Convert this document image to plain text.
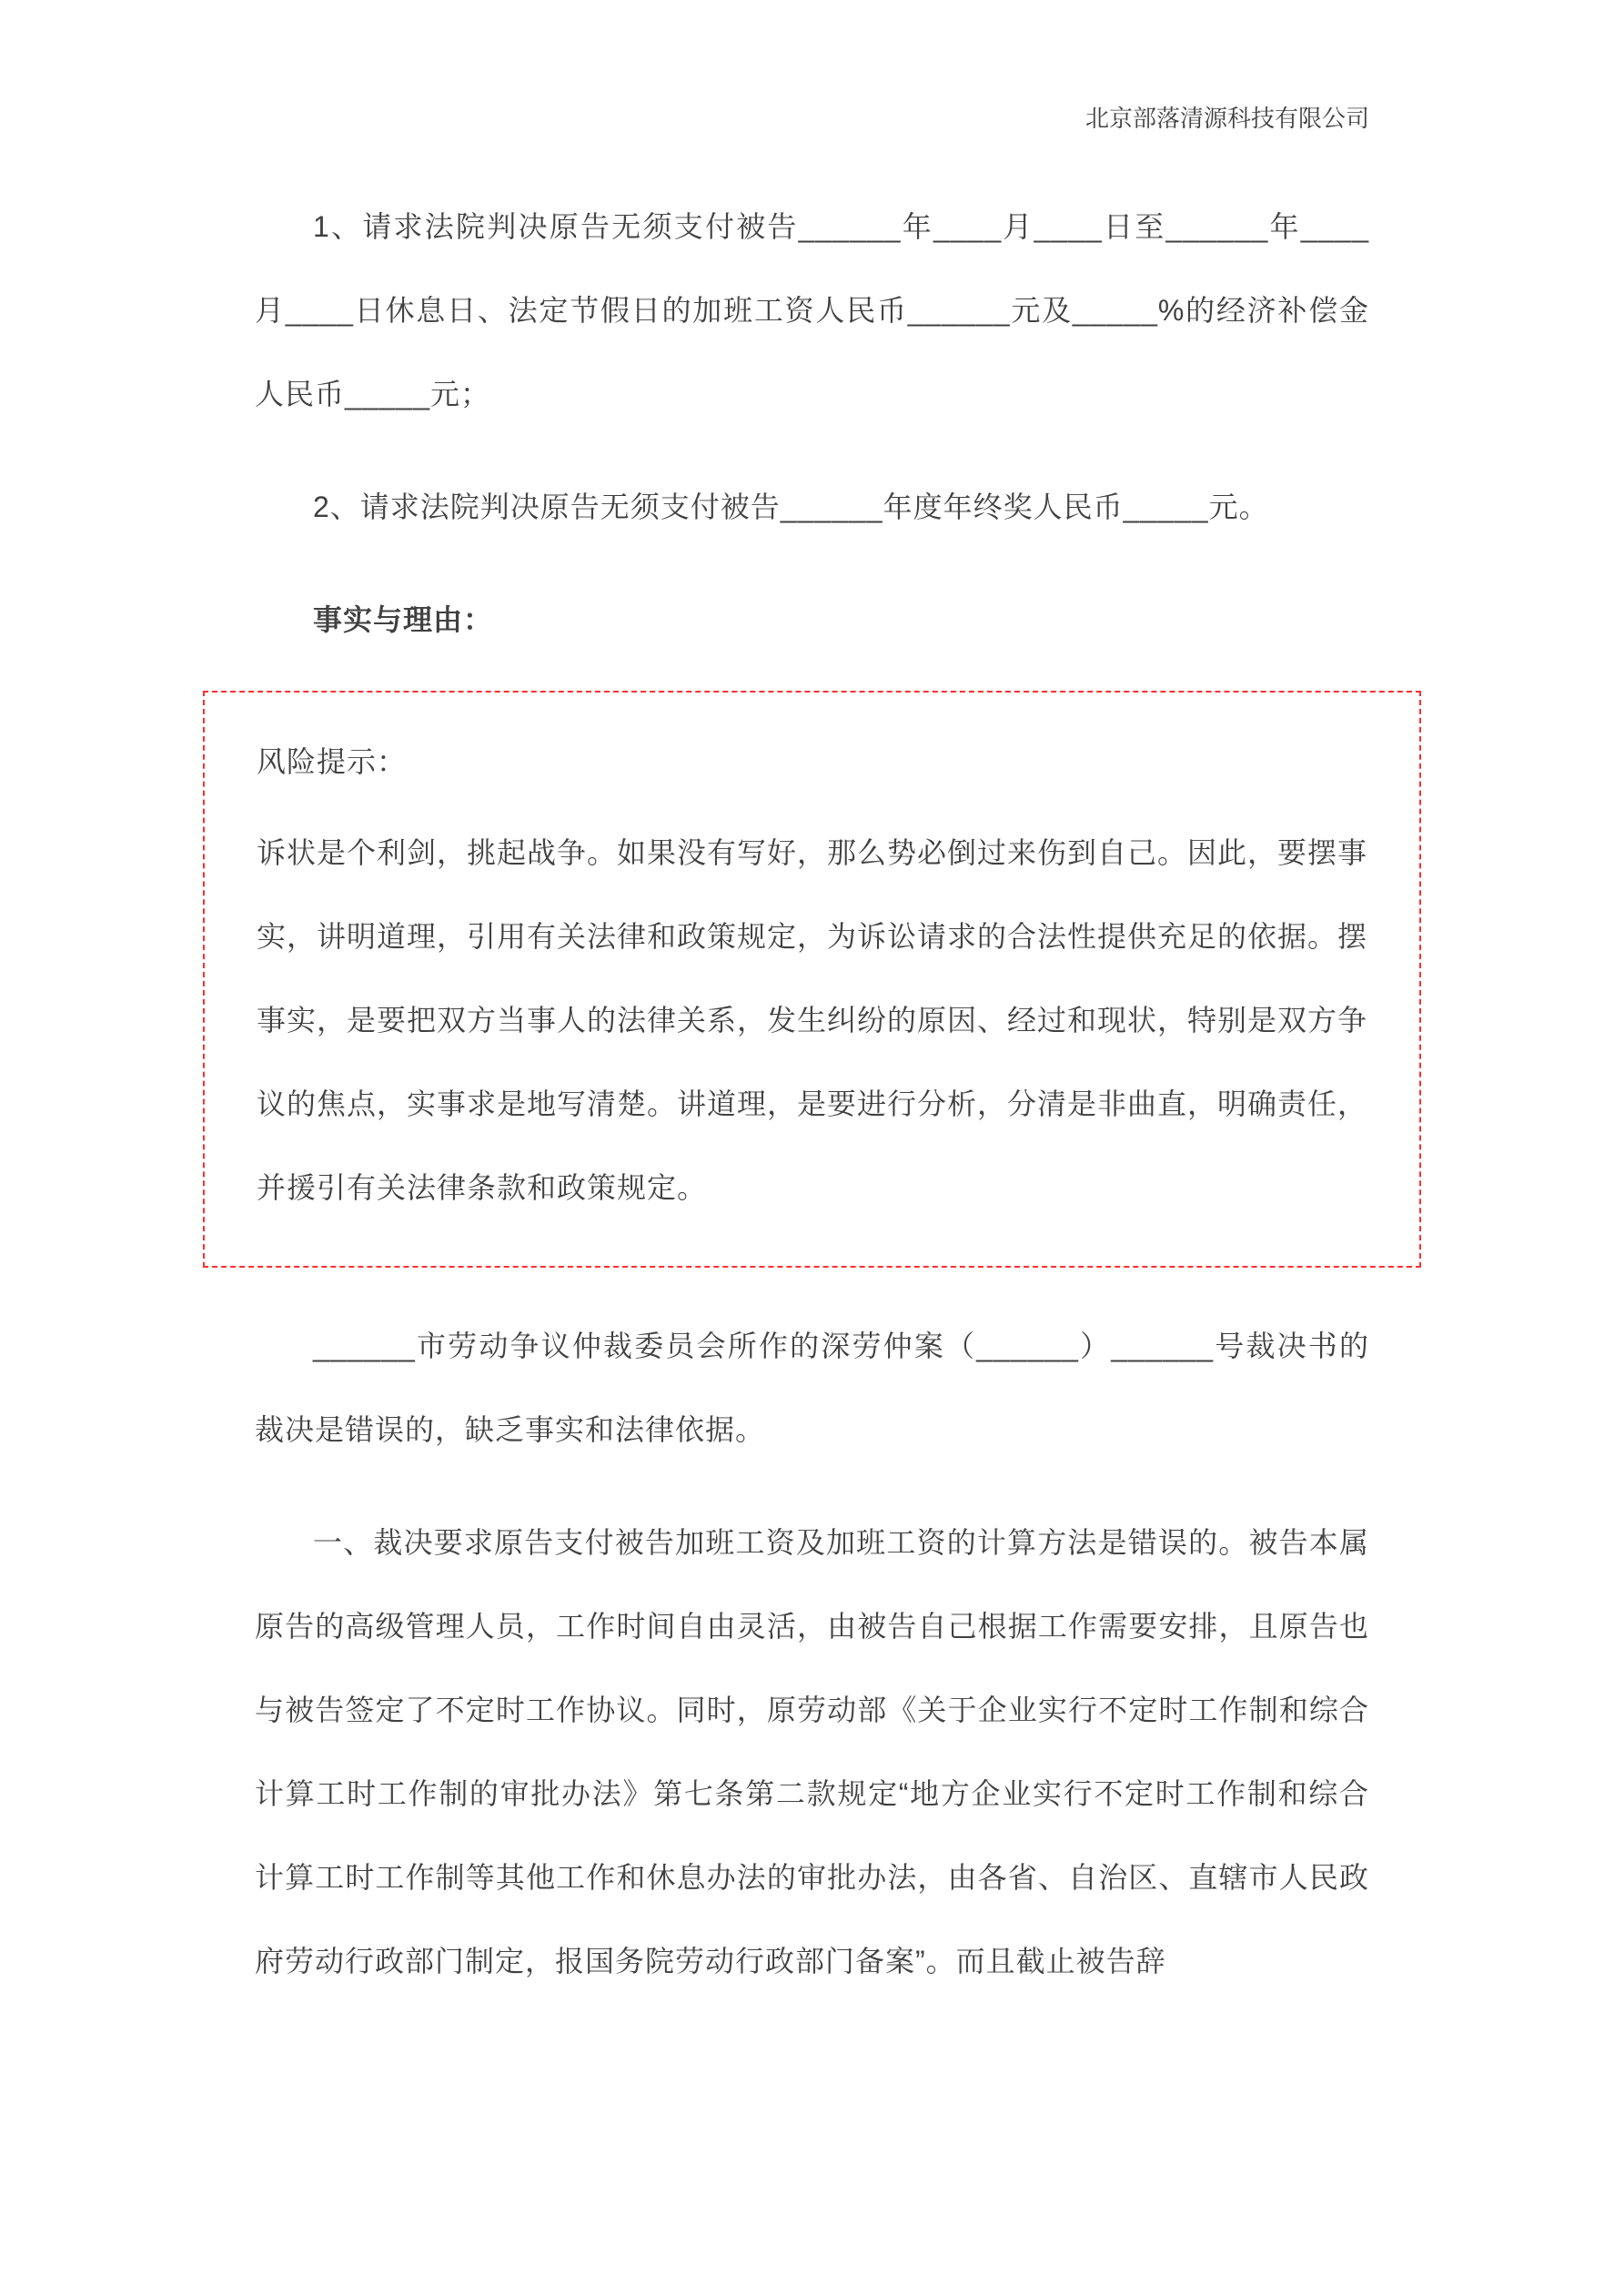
北京部落清源科技有限公司

1、请求法院判决原告无须支付被告______年____月____日至______年____月____日休息日、法定节假日的加班工资人民币______元及_____%的经济补偿金人民币_____元；

2、请求法院判决原告无须支付被告______年度年终奖人民币_____元。

事实与理由：

风险提示：

诉状是个利剑，挑起战争。如果没有写好，那么势必倒过来伤到自己。因此，要摆事实，讲明道理，引用有关法律和政策规定，为诉讼请求的合法性提供充足的依据。摆事实，是要把双方当事人的法律关系，发生纠纷的原因、经过和现状，特别是双方争议的焦点，实事求是地写清楚。讲道理，是要进行分析，分清是非曲直，明确责任，并援引有关法律条款和政策规定。

______市劳动争议仲裁委员会所作的深劳仲案（______）______号裁决书的裁决是错误的，缺乏事实和法律依据。

一、裁决要求原告支付被告加班工资及加班工资的计算方法是错误的。被告本属原告的高级管理人员，工作时间自由灵活，由被告自己根据工作需要安排，且原告也与被告签定了不定时工作协议。同时，原劳动部《关于企业实行不定时工作制和综合计算工时工作制的审批办法》第七条第二款规定“地方企业实行不定时工作制和综合计算工时工作制等其他工作和休息办法的审批办法，由各省、自治区、直辖市人民政府劳动行政部门制定，报国务院劳动行政部门备案”。而且截止被告辞
